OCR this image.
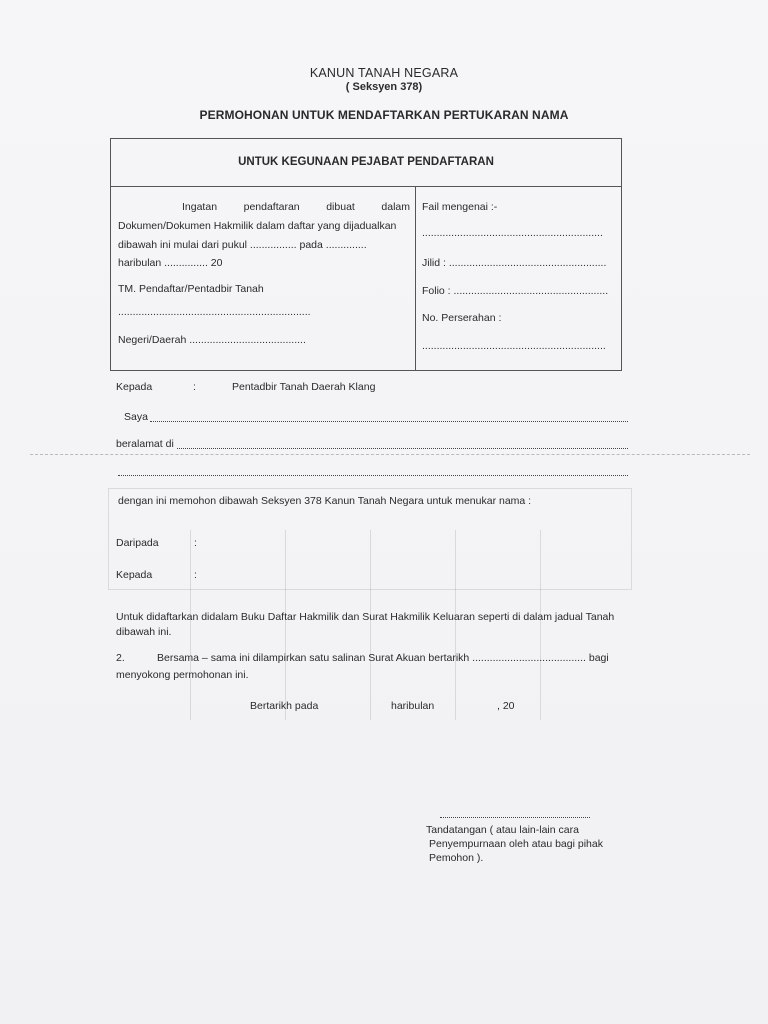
KANUN TANAH NEGARA
( Seksyen 378)
PERMOHONAN UNTUK MENDAFTARKAN PERTUKARAN NAMA
UNTUK KEGUNAAN PEJABAT PENDAFTARAN
Ingatan pendaftaran dibuat dalam
Dokumen/Dokumen Hakmilik dalam daftar yang dijadualkan
dibawah ini mulai dari pukul ................ pada ..............
haribulan ............... 20
TM. Pendaftar/Pentadbir Tanah
..................................................................
Negeri/Daerah ........................................
Fail mengenai :-
..............................................................
Jilid : ......................................................
Folio : .....................................................
No. Perserahan :
...............................................................
Kepada	:	Pentadbir Tanah Daerah Klang
Saya
beralamat di
dengan ini memohon dibawah Seksyen 378 Kanun Tanah Negara untuk menukar nama :
Daripada	:
Kepada	:
Untuk didaftarkan didalam Buku Daftar Hakmilik dan Surat Hakmilik Keluaran seperti di dalam jadual Tanah
dibawah ini.
2.	Bersama – sama ini dilampirkan satu salinan Surat Akuan bertarikh ....................................... bagi
menyokong permohonan ini.
Bertarikh pada	haribulan	, 20
Tandatangan ( atau lain-lain cara
Penyempurnaan oleh atau bagi pihak
Pemohon ).
